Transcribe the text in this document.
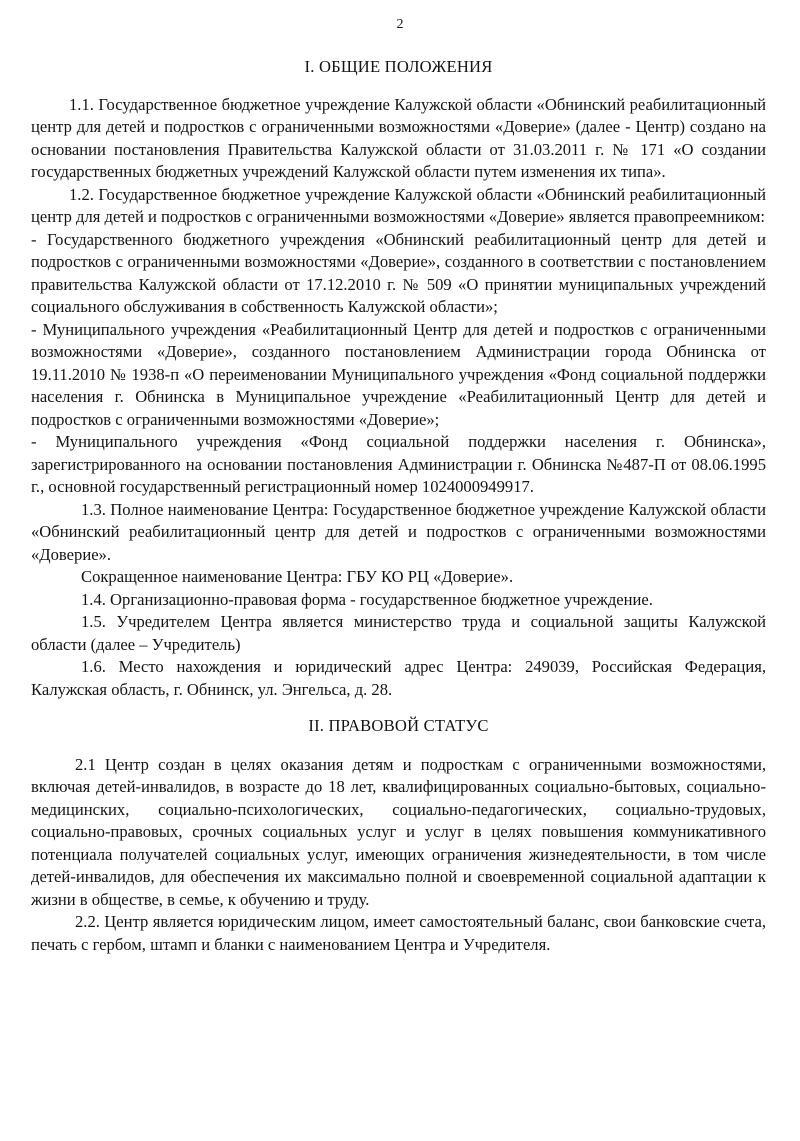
2
I. ОБЩИЕ ПОЛОЖЕНИЯ

1.1. Государственное бюджетное учреждение Калужской области «Обнинский реабилитационный центр для детей и подростков с ограниченными возможностями «Доверие» (далее - Центр) создано на основании постановления Правительства Калужской области от 31.03.2011 г. № 171 «О создании государственных бюджетных учреждений Калужской области путем изменения их типа».

1.2. Государственное бюджетное учреждение Калужской области «Обнинский реабилитационный центр для детей и подростков с ограниченными возможностями «Доверие» является правопреемником:

- Государственного бюджетного учреждения «Обнинский реабилитационный центр для детей и подростков с ограниченными возможностями «Доверие», созданного в соответствии с постановлением правительства Калужской области от 17.12.2010 г. № 509 «О принятии муниципальных учреждений социального обслуживания в собственность Калужской области»;

- Муниципального учреждения «Реабилитационный Центр для детей и подростков с ограниченными возможностями «Доверие», созданного постановлением Администрации города Обнинска от 19.11.2010 № 1938-п «О переименовании Муниципального учреждения «Фонд социальной поддержки населения г. Обнинска в Муниципальное учреждение «Реабилитационный Центр для детей и подростков с ограниченными возможностями «Доверие»;

- Муниципального учреждения «Фонд социальной поддержки населения г. Обнинска», зарегистрированного на основании постановления Администрации г. Обнинска №487-П от 08.06.1995 г., основной государственный регистрационный номер 1024000949917.

1.3. Полное наименование Центра: Государственное бюджетное учреждение Калужской области «Обнинский реабилитационный центр для детей и подростков с ограниченными возможностями «Доверие».

Сокращенное наименование Центра: ГБУ КО РЦ «Доверие».

1.4. Организационно-правовая форма - государственное бюджетное учреждение.

1.5. Учредителем Центра является министерство труда и социальной защиты Калужской области (далее – Учредитель)

1.6. Место нахождения и юридический адрес Центра: 249039, Российская Федерация, Калужская область, г. Обнинск, ул. Энгельса, д. 28.

II. ПРАВОВОЙ СТАТУС

2.1 Центр создан в целях оказания детям и подросткам с ограниченными возможностями, включая детей-инвалидов, в возрасте до 18 лет, квалифицированных социально-бытовых, социально-медицинских, социально-психологических, социально-педагогических, социально-трудовых, социально-правовых, срочных социальных услуг и услуг в целях повышения коммуникативного потенциала получателей социальных услуг, имеющих ограничения жизнедеятельности, в том числе детей-инвалидов, для обеспечения их максимально полной и своевременной социальной адаптации к жизни в обществе, в семье, к обучению и труду.

2.2. Центр является юридическим лицом, имеет самостоятельный баланс, свои банковские счета, печать с гербом, штамп и бланки с наименованием Центра и Учредителя.
